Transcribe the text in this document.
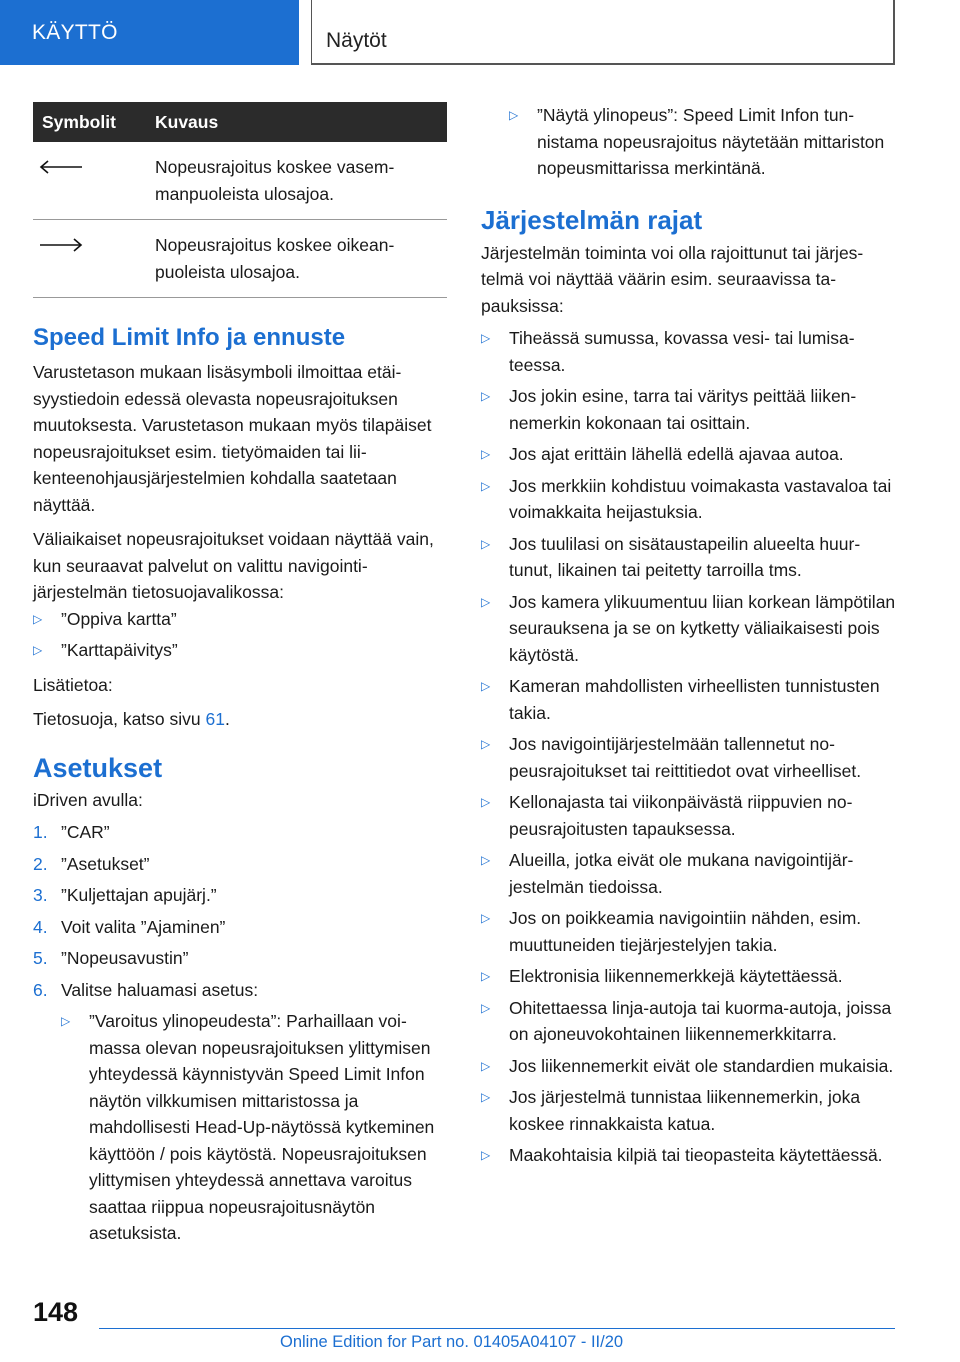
KÄYTTÖ	Näytöt
Symbolit	Kuvaus

	Nopeusrajoitus koskee vasemmanpuoleista ulosajoa.

	Nopeusrajoitus koskee oikeanpuoleista ulosajoa.
Speed Limit Info ja ennuste

Varustetason mukaan lisäsymboli ilmoittaa etäisyystiedoin edessä olevasta nopeusrajoituksen muutoksesta. Varustetason mukaan myös tilapäiset nopeusrajoitukset esim. tietyömaiden tai liikenteenohjausjärjestelmien kohdalla saatetaan näyttää.

Väliaikaiset nopeusrajoitukset voidaan näyttää vain, kun seuraavat palvelut on valittu navigointijärjestelmän tietosuojavalikossa:

▷	”Oppiva kartta”
▷	”Karttapäivitys”

Lisätietoa:

Tietosuoja, katso sivu 61.

Asetukset

iDriven avulla:

1. ”CAR”
2. ”Asetukset”
3. ”Kuljettajan apujärj.”
4. Voit valita ”Ajaminen”
5. ”Nopeusavustin”
6. Valitse haluamasi asetus:
▷	”Varoitus ylinopeudesta”: Parhaillaan voimassa olevan nopeusrajoituksen ylittymisen yhteydessä käynnistyvän Speed Limit Infon näytön vilkkumisen mittaristossa ja mahdollisesti Head-Up-näytössä kytkeminen käyttöön / pois käytöstä. Nopeusrajoituksen ylittymisen yhteydessä annettava varoitus saattaa riippua nopeusrajoitusnäytön asetuksista.
▷	”Näytä ylinopeus”: Speed Limit Infon tunnistama nopeusrajoitus näytetään mittariston nopeusmittarissa merkintänä.
Järjestelmän rajat

Järjestelmän toiminta voi olla rajoittunut tai järjestelmä voi näyttää väärin esim. seuraavissa tapauksissa:

▷	Tiheässä sumussa, kovassa vesi- tai lumisateessa.
▷	Jos jokin esine, tarra tai väritys peittää liikennemerkin kokonaan tai osittain.
▷	Jos ajat erittäin lähellä edellä ajavaa autoa.
▷	Jos merkkiin kohdistuu voimakasta vastavaloa tai voimakkaita heijastuksia.
▷	Jos tuulilasi on sisätaustapeilin alueelta huurtunut, likainen tai peitetty tarroilla tms.
▷	Jos kamera ylikuumentuu liian korkean lämpötilan seurauksena ja se on kytketty väliaikaisesti pois käytöstä.
▷	Kameran mahdollisten virheellisten tunnistusten takia.
▷	Jos navigointijärjestelmään tallennetut nopeusrajoitukset tai reittitiedot ovat virheelliset.
▷	Kellonajasta tai viikonpäivästä riippuvien nopeusrajoitusten tapauksessa.
▷	Alueilla, jotka eivät ole mukana navigointijärjestelmän tiedoissa.
▷	Jos on poikkeamia navigointiin nähden, esim. muuttuneiden tiejärjestelyjen takia.
▷	Elektronisia liikennemerkkejä käytettäessä.
▷	Ohitettaessa linja-autoja tai kuorma-autoja, joissa on ajoneuvokohtainen liikennemerkkitarra.
▷	Jos liikennemerkit eivät ole standardien mukaisia.
▷	Jos järjestelmä tunnistaa liikennemerkin, joka koskee rinnakkaista katua.
▷	Maakohtaisia kilpiä tai tieopasteita käytettäessä.
148
Online Edition for Part no. 01405A04107 - II/20
